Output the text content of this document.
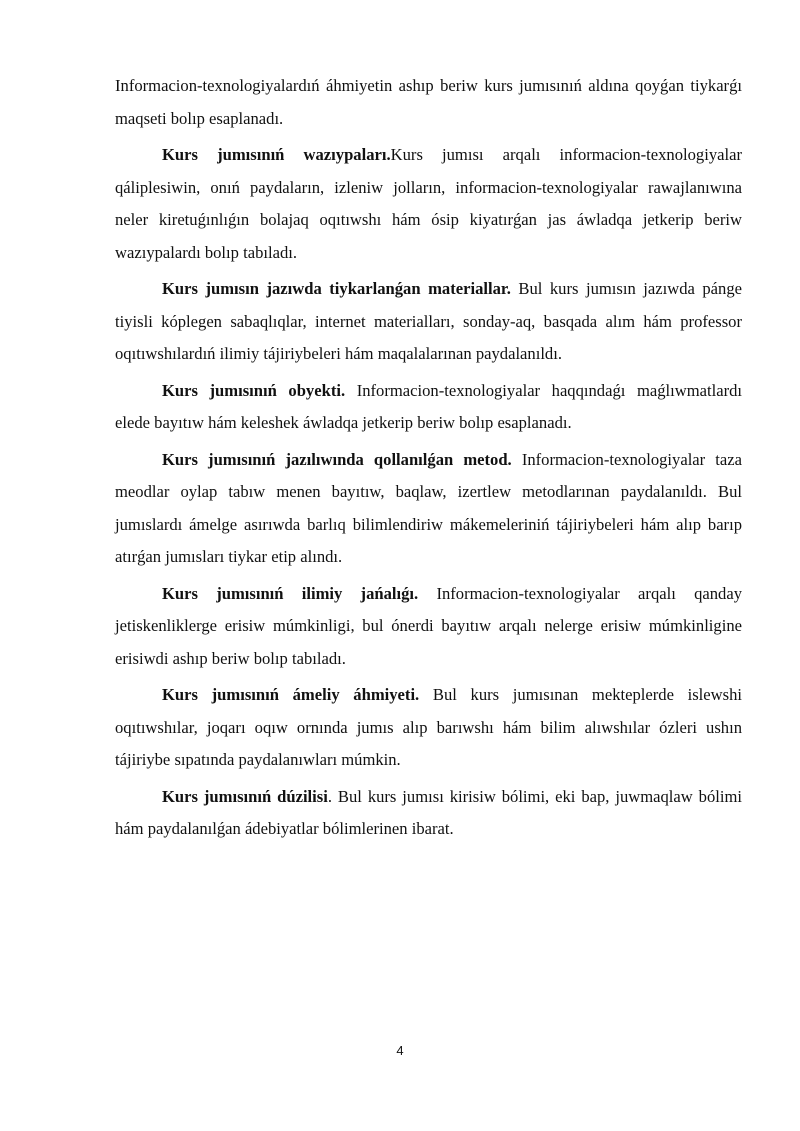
Informacion-texnologiyalardıń áhmiyetin ashıp beriw kurs jumısınıń aldına qoyǵan tiykarǵı maqseti bolıp esaplanadı.

Kurs jumısınıń wazıypaları.Kurs jumısı arqalı informacion-texnologiyalar qáliplesiwin, onıń paydaların, izleniw jolların, informacion-texnologiyalar rawajlanıwına neler kiretuǵınlıǵın bolajaq oqıtıwshı hám ósip kiyatırǵan jas áwladqa jetkerip beriw wazıypalardı bolıp tabıladı.

Kurs jumısın jazıwda tiykarlanǵan materiallar. Bul kurs jumısın jazıwda pánge tiyisli kóplegen sabaqlıqlar, internet materialları, sonday-aq, basqada alım hám professor oqıtıwshılardıń ilimiy tájiriybeleri hám maqalalarınan paydalanıldı.

Kurs jumısınıń obyekti. Informacion-texnologiyalar haqqındaǵı maǵlıwmatlardı elede bayıtıw hám keleshek áwladqa jetkerip beriw bolıp esaplanadı.

Kurs jumısınıń jazılıwında qollanılǵan metod. Informacion-texnologiyalar taza meodlar oylap tabıw menen bayıtıw, baqlaw, izertlew metodlarınan paydalanıldı. Bul jumıslardı ámelge asırıwda barlıq bilimlendiriw mákemeleriniń tájiriybeleri hám alıp barıp atırǵan jumısları tiykar etip alındı.

Kurs jumısınıń ilimiy jańalıǵı. Informacion-texnologiyalar arqalı qanday jetiskenliklerge erisiw múmkinligi, bul ónerdi bayıtıw arqalı nelerge erisiw múmkinligine erisiwdi ashıp beriw bolıp tabıladı.

Kurs jumısınıń ámeliy áhmiyeti. Bul kurs jumısınan mekteplerde islewshi oqıtıwshılar, joqarı oqıw ornında jumıs alıp barıwshı hám bilim alıwshılar ózleri ushın tájiriybe sıpatında paydalanıwları múmkin.

Kurs jumısınıń dúzilisi. Bul kurs jumısı kirisiw bólimi, eki bap, juwmaqlaw bólimi hám paydalanılǵan ádebiyatlar bólimlerinen ibarat.

4
